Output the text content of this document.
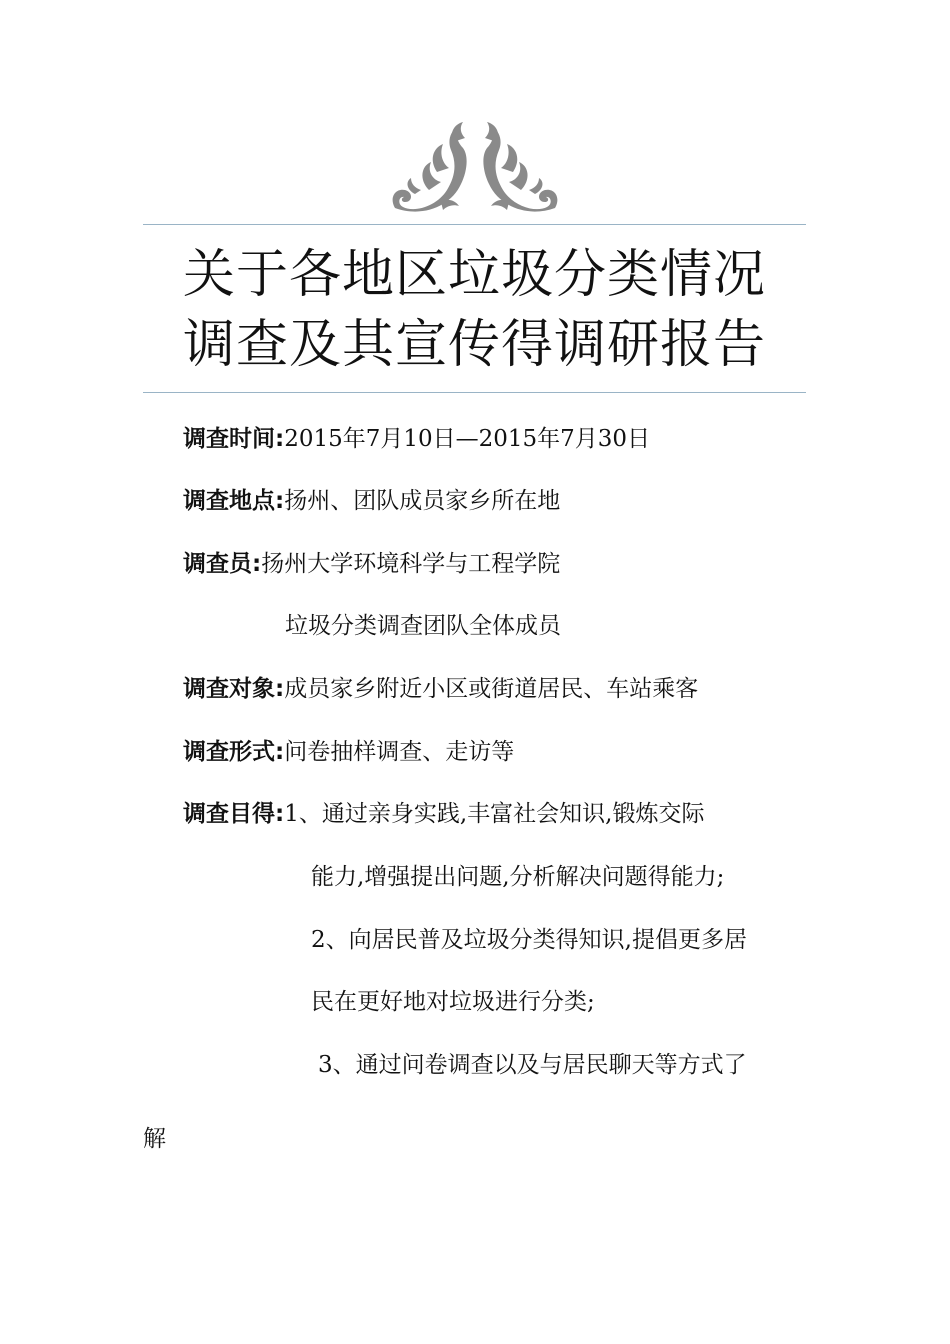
关于各地区垃圾分类情况
调查及其宣传得调研报告
调查时间:2015年7月10日—2015年7月30日
调查地点:扬州、团队成员家乡所在地
调查员:扬州大学环境科学与工程学院
垃圾分类调查团队全体成员
调查对象:成员家乡附近小区或街道居民、车站乘客
调查形式:问卷抽样调查、走访等
调查目得:1、通过亲身实践,丰富社会知识,锻炼交际
能力,增强提出问题,分析解决问题得能力;
2、向居民普及垃圾分类得知识,提倡更多居
民在更好地对垃圾进行分类;
3、通过问卷调查以及与居民聊天等方式了
解
